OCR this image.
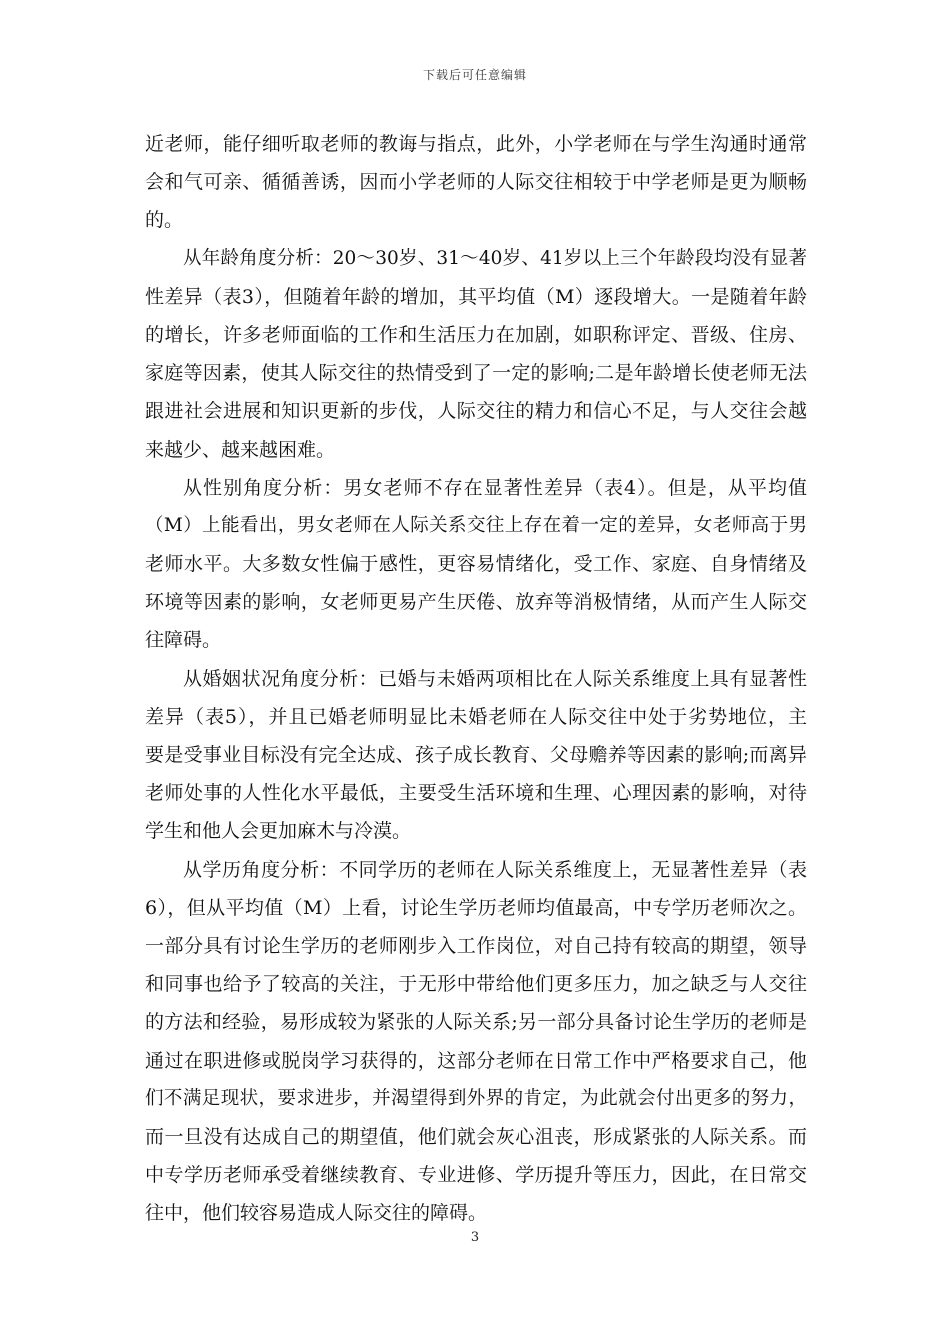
下载后可任意编辑
近老师，能仔细听取老师的教诲与指点，此外，小学老师在与学生沟通时通常
会和气可亲、循循善诱，因而小学老师的人际交往相较于中学老师是更为顺畅
的。
从年龄角度分析：20～30岁、31～40岁、41岁以上三个年龄段均没有显著
性差异（表3），但随着年龄的增加，其平均值（M）逐段增大。一是随着年龄
的增长，许多老师面临的工作和生活压力在加剧，如职称评定、晋级、住房、
家庭等因素，使其人际交往的热情受到了一定的影响;二是年龄增长使老师无法
跟进社会进展和知识更新的步伐，人际交往的精力和信心不足，与人交往会越
来越少、越来越困难。
从性别角度分析：男女老师不存在显著性差异（表4）。但是，从平均值
（M）上能看出，男女老师在人际关系交往上存在着一定的差异，女老师高于男
老师水平。大多数女性偏于感性，更容易情绪化，受工作、家庭、自身情绪及
环境等因素的影响，女老师更易产生厌倦、放弃等消极情绪，从而产生人际交
往障碍。
从婚姻状况角度分析：已婚与未婚两项相比在人际关系维度上具有显著性
差异（表5），并且已婚老师明显比未婚老师在人际交往中处于劣势地位，主
要是受事业目标没有完全达成、孩子成长教育、父母赡养等因素的影响;而离异
老师处事的人性化水平最低，主要受生活环境和生理、心理因素的影响，对待
学生和他人会更加麻木与冷漠。
从学历角度分析：不同学历的老师在人际关系维度上，无显著性差异（表
6），但从平均值（M）上看，讨论生学历老师均值最高，中专学历老师次之。
一部分具有讨论生学历的老师刚步入工作岗位，对自己持有较高的期望，领导
和同事也给予了较高的关注，于无形中带给他们更多压力，加之缺乏与人交往
的方法和经验，易形成较为紧张的人际关系;另一部分具备讨论生学历的老师是
通过在职进修或脱岗学习获得的，这部分老师在日常工作中严格要求自己，他
们不满足现状，要求进步，并渴望得到外界的肯定，为此就会付出更多的努力，
而一旦没有达成自己的期望值，他们就会灰心沮丧，形成紧张的人际关系。而
中专学历老师承受着继续教育、专业进修、学历提升等压力，因此，在日常交
往中，他们较容易造成人际交往的障碍。
3
